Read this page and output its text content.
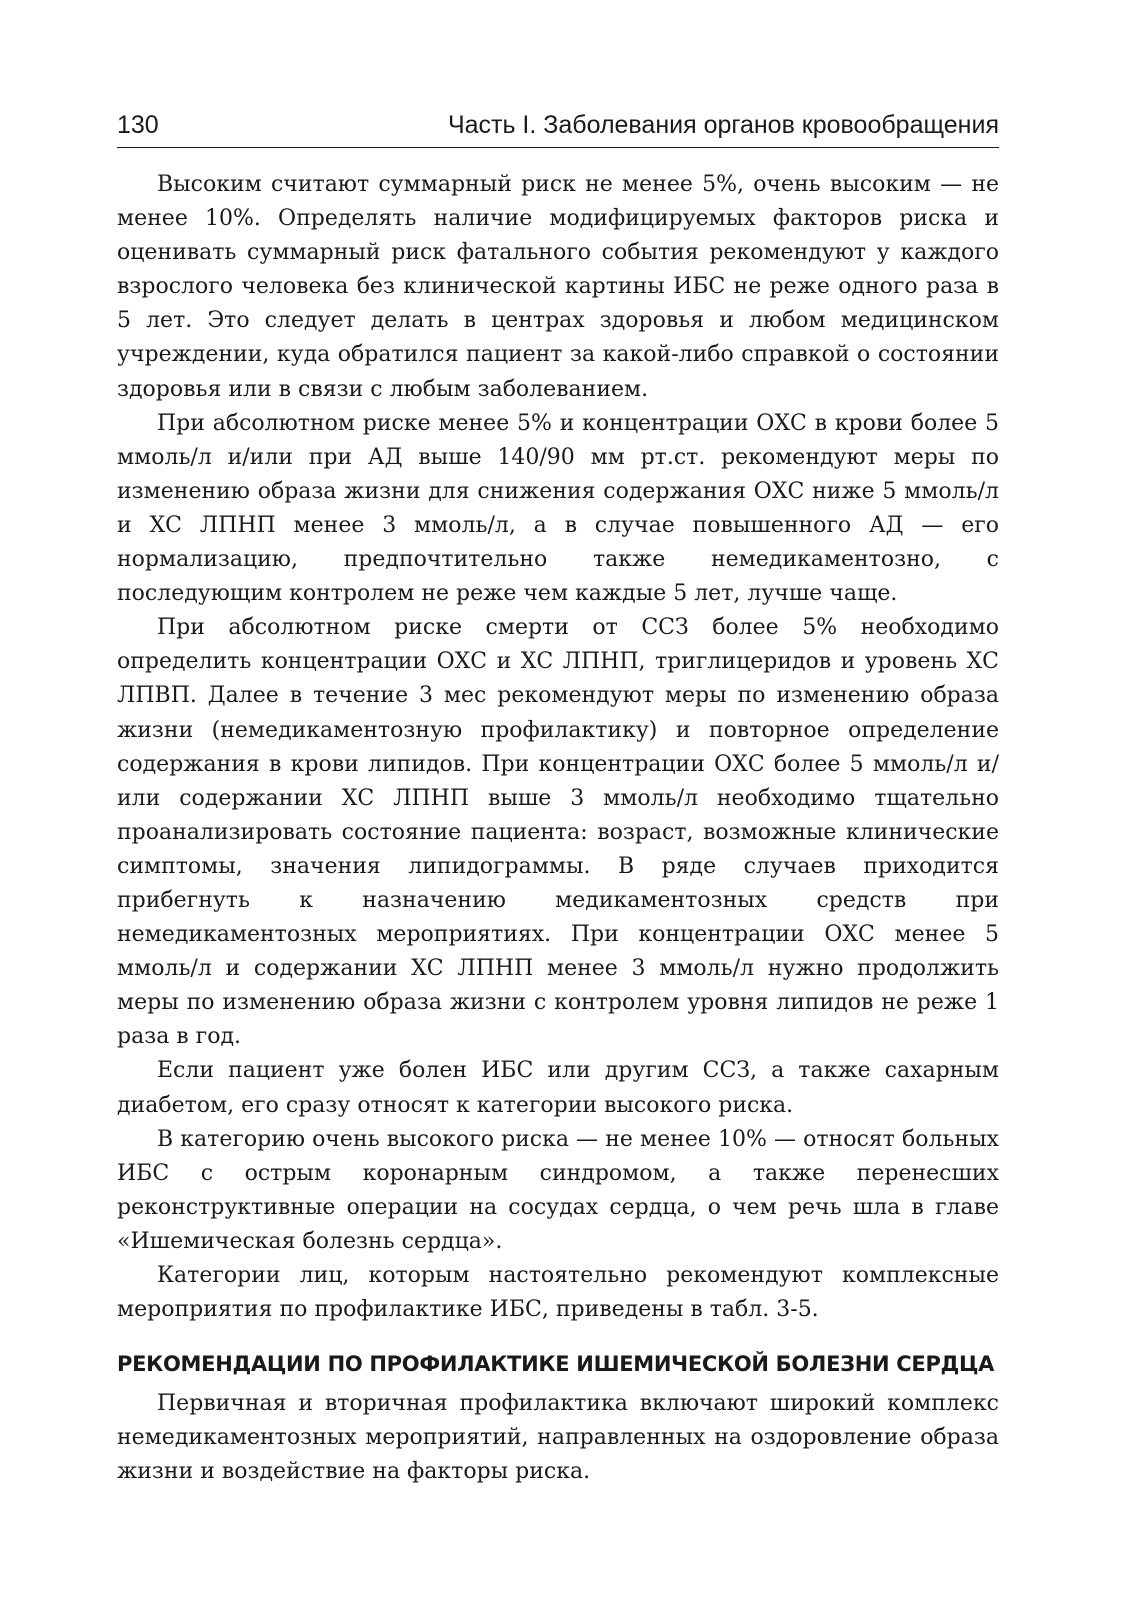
130	Часть I. Заболевания органов кровообращения

Высоким считают суммарный риск не менее 5%, очень высоким — не менее 10%. Определять наличие модифицируемых факторов риска и оценивать суммарный риск фатального события рекомендуют у каждого взрослого человека без клинической картины ИБС не реже одного раза в 5 лет. Это следует делать в центрах здоровья и любом медицинском учреждении, куда обратился пациент за какой-либо справкой о состоянии здоровья или в связи с любым заболеванием.

При абсолютном риске менее 5% и концентрации ОХС в крови более 5 ммоль/л и/или при АД выше 140/90 мм рт.ст. рекомендуют меры по изменению образа жизни для снижения содержания ОХС ниже 5 ммоль/л и ХС ЛПНП менее 3 ммоль/л, а в случае повышенного АД — его нормализацию, предпочтительно также немедикаментозно, с последующим контролем не реже чем каждые 5 лет, лучше чаще.

При абсолютном риске смерти от ССЗ более 5% необходимо определить концентрации ОХС и ХС ЛПНП, триглицеридов и уровень ХС ЛПВП. Далее в течение 3 мес рекомендуют меры по изменению образа жизни (немедикаментозную профилактику) и повторное определение содержания в крови липидов. При концентрации ОХС более 5 ммоль/л и/или содержании ХС ЛПНП выше 3 ммоль/л необходимо тщательно проанализировать состояние пациента: возраст, возможные клинические симптомы, значения липидограммы. В ряде случаев приходится прибегнуть к назначению медикаментозных средств при немедикаментозных мероприятиях. При концентрации ОХС менее 5 ммоль/л и содержании ХС ЛПНП менее 3 ммоль/л нужно продолжить меры по изменению образа жизни с контролем уровня липидов не реже 1 раза в год.

Если пациент уже болен ИБС или другим ССЗ, а также сахарным диабетом, его сразу относят к категории высокого риска.

В категорию очень высокого риска — не менее 10% — относят больных ИБС с острым коронарным синдромом, а также перенесших реконструктивные операции на сосудах сердца, о чем речь шла в главе «Ишемическая болезнь сердца».

Категории лиц, которым настоятельно рекомендуют комплексные мероприятия по профилактике ИБС, приведены в табл. 3-5.

РЕКОМЕНДАЦИИ ПО ПРОФИЛАКТИКЕ ИШЕМИЧЕСКОЙ БОЛЕЗНИ СЕРДЦА

Первичная и вторичная профилактика включают широкий комплекс немедикаментозных мероприятий, направленных на оздоровление образа жизни и воздействие на факторы риска.
